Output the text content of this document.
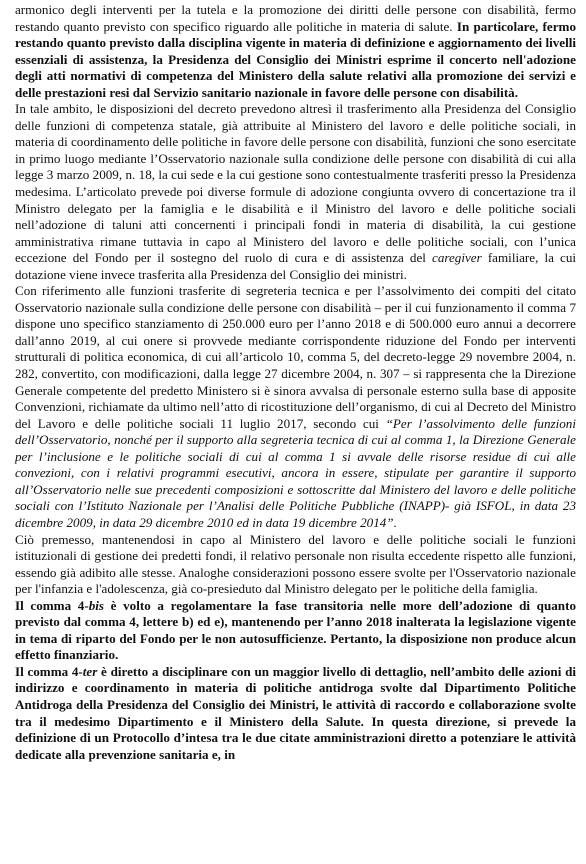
armonico degli interventi per la tutela e la promozione dei diritti delle persone con disabilità, fermo restando quanto previsto con specifico riguardo alle politiche in materia di salute. In particolare, fermo restando quanto previsto dalla disciplina vigente in materia di definizione e aggiornamento dei livelli essenziali di assistenza, la Presidenza del Consiglio dei Ministri esprime il concerto nell'adozione degli atti normativi di competenza del Ministero della salute relativi alla promozione dei servizi e delle prestazioni resi dal Servizio sanitario nazionale in favore delle persone con disabilità.

In tale ambito, le disposizioni del decreto prevedono altresì il trasferimento alla Presidenza del Consiglio delle funzioni di competenza statale, già attribuite al Ministero del lavoro e delle politiche sociali, in materia di coordinamento delle politiche in favore delle persone con disabilità, funzioni che sono esercitate in primo luogo mediante l’Osservatorio nazionale sulla condizione delle persone con disabilità di cui alla legge 3 marzo 2009, n. 18, la cui sede e la cui gestione sono contestualmente trasferiti presso la Presidenza medesima. L’articolato prevede poi diverse formule di adozione congiunta ovvero di concertazione tra il Ministro delegato per la famiglia e le disabilità e il Ministro del lavoro e delle politiche sociali nell’adozione di taluni atti concernenti i principali fondi in materia di disabilità, la cui gestione amministrativa rimane tuttavia in capo al Ministero del lavoro e delle politiche sociali, con l’unica eccezione del Fondo per il sostegno del ruolo di cura e di assistenza del caregiver familiare, la cui dotazione viene invece trasferita alla Presidenza del Consiglio dei ministri.

Con riferimento alle funzioni trasferite di segreteria tecnica e per l’assolvimento dei compiti del citato Osservatorio nazionale sulla condizione delle persone con disabilità – per il cui funzionamento il comma 7 dispone uno specifico stanziamento di 250.000 euro per l’anno 2018 e di 500.000 euro annui a decorrere dall’anno 2019, al cui onere si provvede mediante corrispondente riduzione del Fondo per interventi strutturali di politica economica, di cui all’articolo 10, comma 5, del decreto-legge 29 novembre 2004, n. 282, convertito, con modificazioni, dalla legge 27 dicembre 2004, n. 307 – si rappresenta che la Direzione Generale competente del predetto Ministero si è sinora avvalsa di personale esterno sulla base di apposite Convenzioni, richiamate da ultimo nell’atto di ricostituzione dell’organismo, di cui al Decreto del Ministro del Lavoro e delle politiche sociali 11 luglio 2017, secondo cui “Per l’assolvimento delle funzioni dell’Osservatorio, nonché per il supporto alla segreteria tecnica di cui al comma 1, la Direzione Generale per l’inclusione e le politiche sociali di cui al comma 1 si avvale delle risorse residue di cui alle convezioni, con i relativi programmi esecutivi, ancora in essere, stipulate per garantire il supporto all’Osservatorio nelle sue precedenti composizioni e sottoscritte dal Ministero del lavoro e delle politiche sociali con l’Istituto Nazionale per l’Analisi delle Politiche Pubbliche (INAPP)- già ISFOL, in data 23 dicembre 2009, in data 29 dicembre 2010 ed in data 19 dicembre 2014”.

Ciò premesso, mantenendosi in capo al Ministero del lavoro e delle politiche sociali le funzioni istituzionali di gestione dei predetti fondi, il relativo personale non risulta eccedente rispetto alle funzioni, essendo già adibito alle stesse. Analoghe considerazioni possono essere svolte per l'Osservatorio nazionale per l'infanzia e l'adolescenza, già co-presieduto dal Ministro delegato per le politiche della famiglia.

Il comma 4-bis è volto a regolamentare la fase transitoria nelle more dell’adozione di quanto previsto dal comma 4, lettere b) ed e), mantenendo per l’anno 2018 inalterata la legislazione vigente in tema di riparto del Fondo per le non autosufficienze. Pertanto, la disposizione non produce alcun effetto finanziario.

Il comma 4-ter è diretto a disciplinare con un maggior livello di dettaglio, nell’ambito delle azioni di indirizzo e coordinamento in materia di politiche antidroga svolte dal Dipartimento Politiche Antidroga della Presidenza del Consiglio dei Ministri, le attività di raccordo e collaborazione svolte tra il medesimo Dipartimento e il Ministero della Salute. In questa direzione, si prevede la definizione di un Protocollo d’intesa tra le due citate amministrazioni diretto a potenziare le attività dedicate alla prevenzione sanitaria e, in
